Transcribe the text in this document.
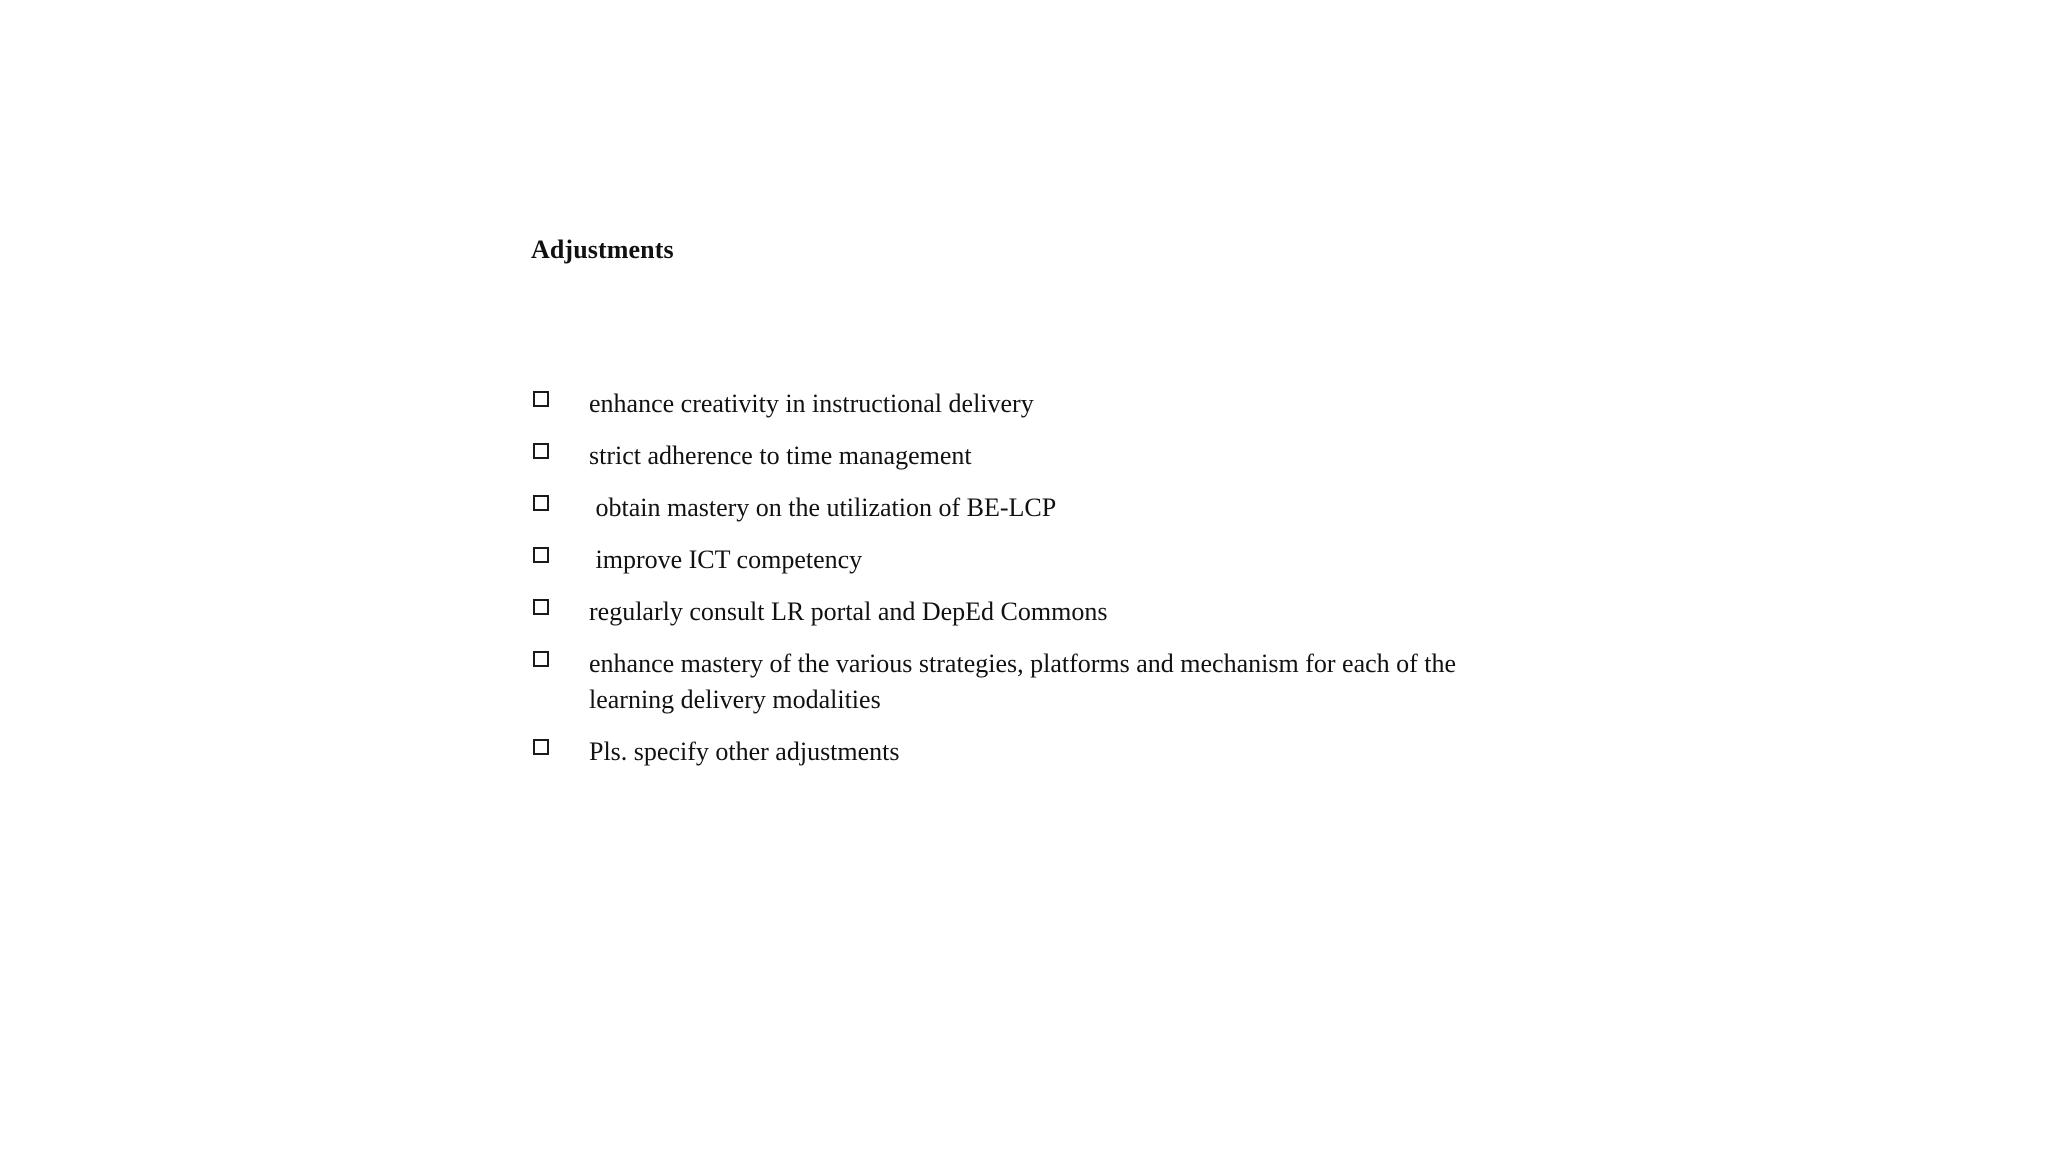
Adjustments
enhance creativity in instructional delivery
strict adherence to time management
obtain mastery on the utilization of BE-LCP
improve ICT competency
regularly consult LR portal and DepEd Commons
enhance mastery of the various strategies, platforms and mechanism for each of the learning delivery modalities
Pls. specify other adjustments
